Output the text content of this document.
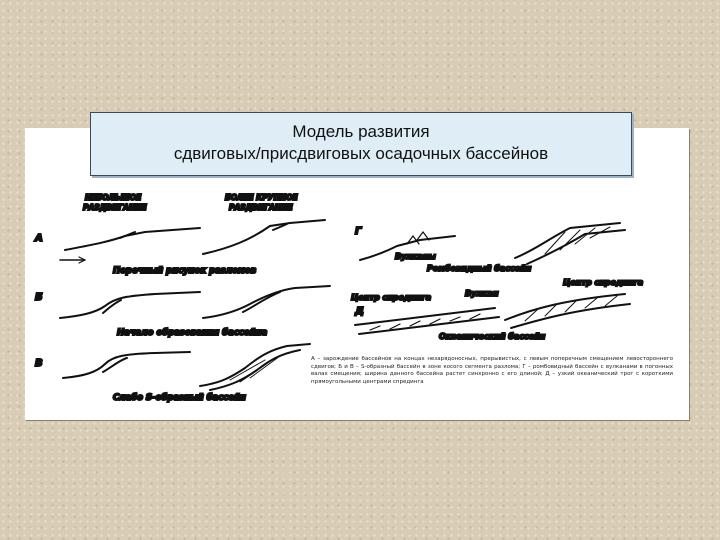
НЕБОЛЬШОЕ
РАЗДВИГАНИЕ
БОЛЕЕ КРУПНОЕ
РАЗДВИГАНИЕ
А
Перечный рисунок разломов
Б
Начало образования бассейна
В
Слабо S-образный бассейн
Г
Вулканы
Ромбовидный бассейн
Центр спрединга
Д
Центр спрединга	Вулкан
Океанический бассейн
А – зарождение бассейнов на концах незарядоносных, прерывистых, с левым поперечным смещением левостороннего сдвигов; Б и В – S-образный бассейн в зоне косого сегмента разлома; Г – ромбовидный бассейн с вулканами в погонных валах смещения; ширина данного бассейна растет синхронно с его длиной; Д – узкий океанический трог с короткими прямоугольными центрами спрединга
Модель развития
сдвиговых/присдвиговых осадочных бассейнов
